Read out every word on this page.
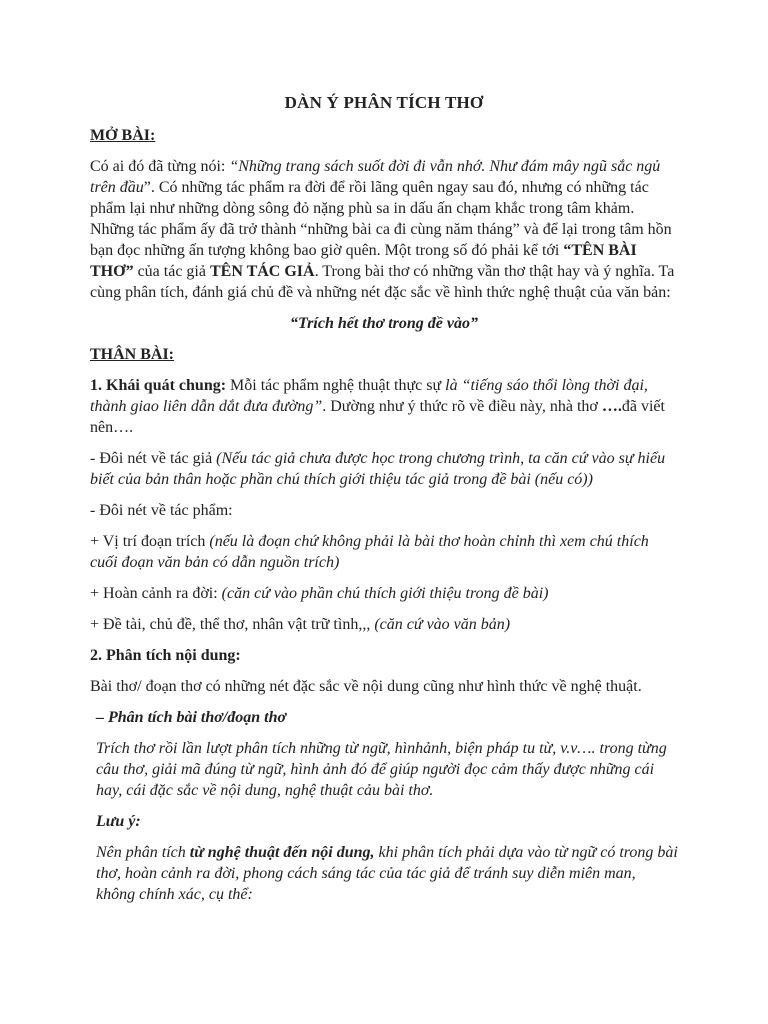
DÀN Ý PHÂN TÍCH THƠ
MỞ BÀI:

Có ai đó đã từng nói: “Những trang sách suốt đời đi vẫn nhớ. Như đám mây ngũ sắc ngủ trên đầu”. Có những tác phẩm ra đời để rồi lãng quên ngay sau đó, nhưng có những tác phẩm lại như những dòng sông đỏ nặng phù sa in dấu ấn chạm khắc trong tâm khảm. Những tác phẩm ấy đã trở thành “những bài ca đi cùng năm tháng” và để lại trong tâm hồn bạn đọc những ấn tượng không bao giờ quên. Một trong số đó phải kể tới “TÊN BÀI THƠ” của tác giả TÊN TÁC GIẢ. Trong bài thơ có những vần thơ thật hay và ý nghĩa. Ta cùng phân tích, đánh giá chủ đề và những nét đặc sắc về hình thức nghệ thuật của văn bản:

“Trích hết thơ trong đề vào”

THÂN BÀI:

1. Khái quát chung: Mỗi tác phẩm nghệ thuật thực sự là “tiếng sáo thổi lòng thời đại, thành giao liên dẫn dắt đưa đường”. Dường như ý thức rõ về điều này, nhà thơ ….đã viết nên….

- Đôi nét về tác giả (Nếu tác giả chưa được học trong chương trình, ta căn cứ vào sự hiểu biết của bản thân hoặc phần chú thích giới thiệu tác giả trong đề bài (nếu có))

- Đôi nét về tác phẩm:

+ Vị trí đoạn trích (nếu là đoạn chứ không phải là bài thơ hoàn chỉnh thì xem chú thích cuối đoạn văn bản có dẫn nguồn trích)

+ Hoàn cảnh ra đời: (căn cứ vào phần chú thích giới thiệu trong đề bài)

+ Đề tài, chủ đề, thể thơ, nhân vật trữ tình,,, (căn cứ vào văn bản)

2. Phân tích nội dung:

Bài thơ/ đoạn thơ có những nét đặc sắc về nội dung cũng như hình thức về nghệ thuật.

– Phân tích bài thơ/đoạn thơ

Trích thơ rồi lần lượt phân tích những từ ngữ, hìnhảnh, biện pháp tu từ, v.v…. trong từng câu thơ, giải mã đúng từ ngữ, hình ảnh đó để giúp người đọc cảm thấy được những cái hay, cái đặc sắc về nội dung, nghệ thuật cảu bài thơ.

Lưu ý:

Nên phân tích từ nghệ thuật đến nội dung, khi phân tích phải dựa vào từ ngữ có trong bài thơ, hoàn cảnh ra đời, phong cách sáng tác của tác giả để tránh suy diễn miên man, không chính xác, cụ thể:
